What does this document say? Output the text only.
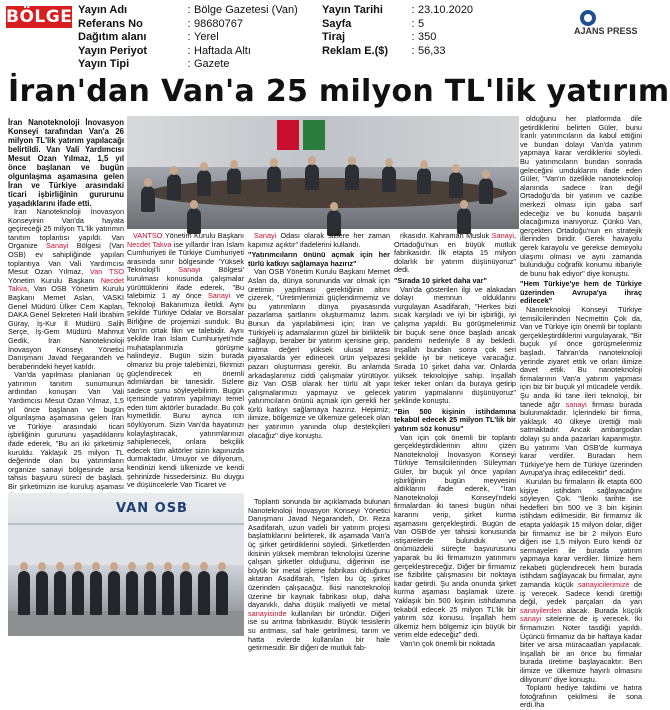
BÖLGE Yayın Adı	: Bölge Gazetesi (Van)
Referans No	: 98680767
Dağıtım alanı	: Yerel
Yayın Periyot	: Haftada Altı
Yayın Tipi	: Gazete
Yayın Tarihi	: 23.10.2020
Sayfa	: 5
Tiraj	: 350
Reklam E.($)	: 56,33
AJANS PRESS
İran'dan Van'a 25 milyon TL'lik yatırım

İran Nanoteknoloji İnovasyon Konseyi tarafından Van'a 26 milyon TL'lik yatırım yapılacağı belirtildi. Van Vali Yardımcısı Mesut Ozan Yılmaz, 1,5 yıl önce başlanan ve bugün olgunlaşma aşamasına gelen İran ve Türkiye arasındaki ticari işbirliğinin gururunu yaşadıklarını ifade etti.

İran Nanoteknoloji İnovasyon Konseyinin Van'da hayata geçireceği 25 milyon TL'lik yatırımın tanıtım toplantısı yapıldı. Van Organize Sanayi Bölgesi (Van OSB) ev sahipliğinde yapılan toplantıya Van Vali Yardımcısı Mesut Ozan Yılmaz, Van TSO Yönetim Kurulu Başkanı Necdet Takva, Van OSB Yönetim Kurulu Başkanı Memet Aslan, VASKİ Genel Müdürü Ülker Cem Kaplan, DAKA Genel Sekreteri Halil İbrahim Güray, İş-Kur İl Müdürü Salih Serçe, İş-Gem Müdürü Mahmut Gedik, İran Nanoteknoloji İnovasyon Konseyi Yönetici Danışmanı Javad Negarandeh ve beraberindeki heyet katıldı.

Van'da yapılması planlanan üç yatırımın tanıtım sunumunun ardından konuşan Van Vali Yardımcısı Mesut Ozan Yılmaz, 1,5 yıl önce başlanan ve bugün olgunlaşma aşamasına gelen İran ve Türkiye arasındaki ticari işbirliğinin gururunu yaşadıklarını ifade ederek, "Bu an iki şirketimiz kuruldu. Yaklaşık 25 milyon TL değerinde olan bu yatırımların organize sanayi bölgesinde arsa tahsis başvuru süreci de başladı. Bir şirketimizin ise kuruluş aşaması

VANTSO Yönetim Kurulu Başkanı Necdet Takva ise yıllardır İran İslam Cumhuriyeti ile Türkiye Cumhuriyeti arasında sınır bölgesinde 'Yüksek Teknoloji'li Sanayi Bölgesi' kurulması konusunda çalışmalar yürüttüklerini ifade ederek, "Bu talebimiz 1 ay önce Sanayi ve Teknoloji Bakanımıza iletildi. Aynı şekilde Türkiye Odalar ve Borsalar Birliğine de projemizi sunduk. Bu Van'ın ortak fikri ve talebidir. Aynı şekilde İran İslam Cumhuriyeti'nde muhataplarımızla görüşme halindeyiz. Bugün sizin burada olmanız bu proje talebimizi, fikrimizi güçlendirecek en önemli adımlardan bir tanesidir. Sizlere sadece şunu söyleyebilirim. Bugün içerisinde yatırım yapılmayı temel eden tüm aktörler buradadır. Bu çok kıymetlidir. Bunu ayrıca icin söylüyorum. Sizin Van'da hayatınızı kolaylaştıracak, yatırımlarınızı sahiplenecek, onlara bekçilik edecek tüm aktörler sizin kapınızda durmaktadır. Umuyor ve diliyorum, kendinizi kendi ülkenizde ve kendi şehrinizde hissedersiniz. Bu duygu ve düşüncelerle Van Ticaret ve

Sanayi Odası olarak sizlere her zaman kapımız açıktır" ifadelerini kullandı.

"Yatırımcıların önünü açmak için her türlü katkıyı sağlamaya hazırız"

Van OSB Yönetim Kurulu Başkanı Memet Aslan da, dünya sorununda var olmak için üretimin yapılması gerektiğinin altını çizerek, "Üretimlerimizi güçlendirmemiz ve bu yatırımların dünya piyasasında pazarlama şartlarını oluşturmamız lazım. Bunun da yapılabilmesi için; İran ve Türkiyeli iş adamalarının güzel bir birliktelik sağlayıp, beraber bir yatırım içerisine girip, katma değeri yüksek ulusal arası piyasalarda yer edinecek ürün yelpazesi pazarı oluşturması gerekir. Bu anlamda arkadaşlarımız ciddi çalışmalar yürütüyor. Biz Van OSB olarak her türlü alt yapı çalışmalarımızı yapmayız ve gelecek yatırımcıların önünü açmak için gerekli her türlü katkıyı sağlamaya hazırız. Hepimiz; ilimize, bölgemize ve ülkemize gelecek olan her yatırımın yanında olup destekçileri olacağız" diye konuştu.

Toplantı sonunda bir açıklamada bulunan Nanoteknoloji İnovasyon Konseyi Yönetici Danışmanı Javad Negarandeh, Dr. Reza Asadifarah, uzun vadeli bir yatırım projesi başlattıklarını belirterek, ilk aşamada Van'a üç şirket getirdiklerini söyledi. Şirketlerden ikisinin yüksek membran teknolojisi üzerine çalışan şirketler olduğunu, diğerinin ise büyük bir metal işleme fabrikası olduğunu aktaran Asadifarah, "İşlen bu üç şirket üzerinden çalışacağız. İkisi nanoteknoloji üzerine bir kaynak fabrikası olup, daha dayanıklı, daha düşük maliyetli ve metal sanayisinde kullanılan bir üründür. Diğeri ise su arıtma fabrikasıdır. Büyük tesislerin su arıtması, saf hale getirilmesi, tarım ve hatta evlerde kullanılan bir hale getirmesidir. Bir diğeri de mutluk fab-

VAN OSB

rikasıdır. Kahraman Musluk Sanayi, Ortadoğu'nun en büyük mutluk fabrikasıdır. İlk etapta 15 milyon dolarlık bir yatırım düşünüyoruz" dedi.

"Sırada 10 şirket daha var"

Van'da gösterilen ilgi ve alakadan dolayı memnun olduklarını vurgulayan Asadifarah, "Herkes bizi sıcak karşıladı ve iyi bir işbirliği, iyi çalışma yapıldı. Bu görüşmelerimiz bir buçuk sene önce başladı ancak pandemi nedeniyle 8 ay bekledi. İnşallah bundan sonra çok seri şekilde iyi bir neticeye varacağız. Sırada 10 şirket daha var. Onlarda yüksek teknolojiye sahip. İnşallah teker teker onları da buraya getirip yatırım yapmalarını düşünüyoruz" şeklinde konuştu.

"Bin 500 kişinin istihdamına tekabül edecek 25 milyon TL'lik bir yatırım söz konusu"

Van için çok önemli bir toplantı gerçekleştirdiklerinin altını çizen Nanoteknoloji İnovasyon Konseyi Türkiye Temsilcilerinden Süleyman Güler, bir buçuk yıl önce yapılan işbirliğinin bugün meyvesini aldıklarını ifade ederek, "İran Nanoteknoloji Konseyi'ndeki firmalardan iki tanesi bugün nihai kararını verip, şirket kurma aşamasını gerçekleştirdi. Bugün de Van OSB'de yer tahsisi konusunda istişarelerde bulunduk ve önümüzdeki süreçte başvurusunu yaparak bu iki firmamızın yatırımını gerçekleştireceğiz. Diğer bir firmamız ise fizibilite çalışmasını bir noktaya kadar getirdi. Şu anda onunda şirket kurma aşaması başlamak üzere. Yaklaşık bin 500 kişinin istihdamına tekabül edecek 25 milyon TL'lik bir yatırım söz konusu. İnşallah hem ülkemiz hem bölgemiz için büyük bir verim elde edeceğiz" dedi.

Van'ın çok önemli bir noktada

olduğunu her platformda dile getirdiklerini belirten Güler, bunu İranlı yatırımcıların da kabul ettiğini ve bundan dolayı Van'da yatırım yapmaya karar verdiklerini söyledi. Bu yatırımcıların bundan sonrada geleceğini umduklarını ifade eden Güler, "Van'ın özellikle nanoteknoloji alanında sadece İran değil Ortadoğu'da bir yatırım ve cazibe merkezi olması için gaba sarf edeceğiz ve bu konuda başarılı olacağımıza inanıyoruz. Çünkü Van, gerçekten Ortadoğu'nun en stratejik illerinden biridir. Gerek havayolu gerek karayolu ve gerekse demiryolu ulaşımı olması ve aynı zamanda bulunduğu coğrafik konumu itibariyle de bunu hak ediyor" diye konuştu.

"Hem Türkiye'ye hem de Türkiye üzerinden Avrupa'ya ihraç edilecek"

Nanoteknoloji Konseyi Türkiye temsilcilerinden Necmettin Çok da, Van ve Türkiye için önemli bir toplantı gerçekleştirdiklerini vurgulayarak, "Bir buçuk yıl önce görüşmelerimiz başladı. Tahran'da nanoteknoloji yerinde ziyaret ettik ve orları ilimize davet ettik. Bu nanoteknoloji firmalarının Van'a yatırım yapması için biz bir buçuk yıl mücadele verdik. Şu anda iki tane ileri teknoloji, bir tanede ağır sanayi firması burada bulunmaktadır. İçlerindeki bir firma, yaklaşık 40 ülkeye ürettiği malı satmaktadır. Ancak ambargodan dolayı şu anda pazarları kapanmıştır. Bu yatırımı Van OSB'de kurmaya karar verdiler. Buradan hem Türkiye'ye hem de Türkiye üzerinden Avrupa'ya ihraç edilecektir" dedi.

Kurulan bu firmaların ilk etapta 600 kişiye istihdam sağlayacağını söyleyen Çok, "İleriki tarihte ise hedefleri bin 500 ve 3 bin kişinin istihdam edilmesidir. Bir firmamız ilk etapta yaklaşık 15 milyon dolar, diğer bir firmamız ise bir 2 milyon Euro diğeri ise 1,5 milyon Euro kendi öz sermayeleri ile burada yatırım yapmaya karar verdiler. İlimize hem rekabeti güçlendirecek hem burada istihdam sağlayacak bu firmalar, aynı zamanda küçük sanayicilerimize de iş verecek. Sadece kendi ürettiği değil, yedek parçaları da yan sanayilerden alacak. Burada küçük sanayi sitelerine de iş verecek. İki firmamızın Noter tasdiği yapıldı. Üçüncü firmamız da bir haftaya kadar biter ve arsa müracaatları yapılacak. İnşallah bir an önce bu firmalar burada üretime başlayacaktır. Ben ilimize ve ülkemize hayırlı olmasını diliyorum" diye konuştu.

Toplantı hediye takdimi ve hatıra fotoğrafının çekilmesi ile sona erdi.İha
